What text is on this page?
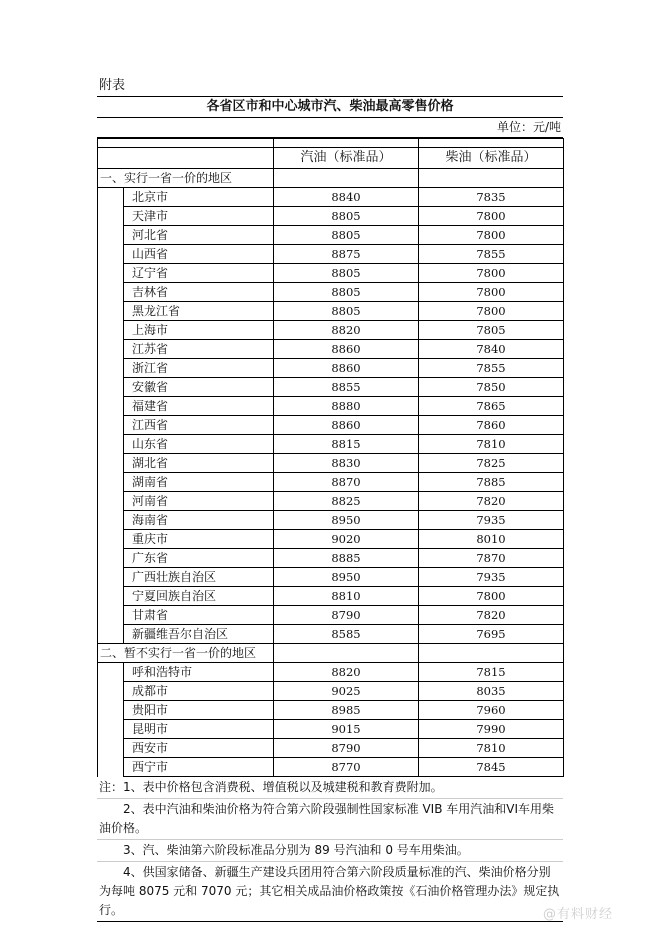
附表
各省区市和中心城市汽、柴油最高零售价格
单位：元/吨

		汽油（标准品）	柴油（标准品）
一、实行一省一价的地区			
	北京市	8840	7835
	天津市	8805	7800
	河北省	8805	7800
	山西省	8875	7855
	辽宁省	8805	7800
	吉林省	8805	7800
	黑龙江省	8805	7800
	上海市	8820	7805
	江苏省	8860	7840
	浙江省	8860	7855
	安徽省	8855	7850
	福建省	8880	7865
	江西省	8860	7860
	山东省	8815	7810
	湖北省	8830	7825
	湖南省	8870	7885
	河南省	8825	7820
	海南省	8950	7935
	重庆市	9020	8010
	广东省	8885	7870
	广西壮族自治区	8950	7935
	宁夏回族自治区	8810	7800
	甘肃省	8790	7820
	新疆维吾尔自治区	8585	7695
二、暂不实行一省一价的地区			
	呼和浩特市	8820	7815
	成都市	9025	8035
	贵阳市	8985	7960
	昆明市	9015	7990
	西安市	8790	7810
	西宁市	8770	7845

注：1、表中价格包含消费税、增值税以及城建税和教育费附加。

2、表中汽油和柴油价格为符合第六阶段强制性国家标准 VIB 车用汽油和VI车用柴油价格。

3、汽、柴油第六阶段标准品分别为 89 号汽油和 0 号车用柴油。

4、供国家储备、新疆生产建设兵团用符合第六阶段质量标准的汽、柴油价格分别为每吨 8075 元和 7070 元；其它相关成品油价格政策按《石油价格管理办法》规定执行。	@有料财经
